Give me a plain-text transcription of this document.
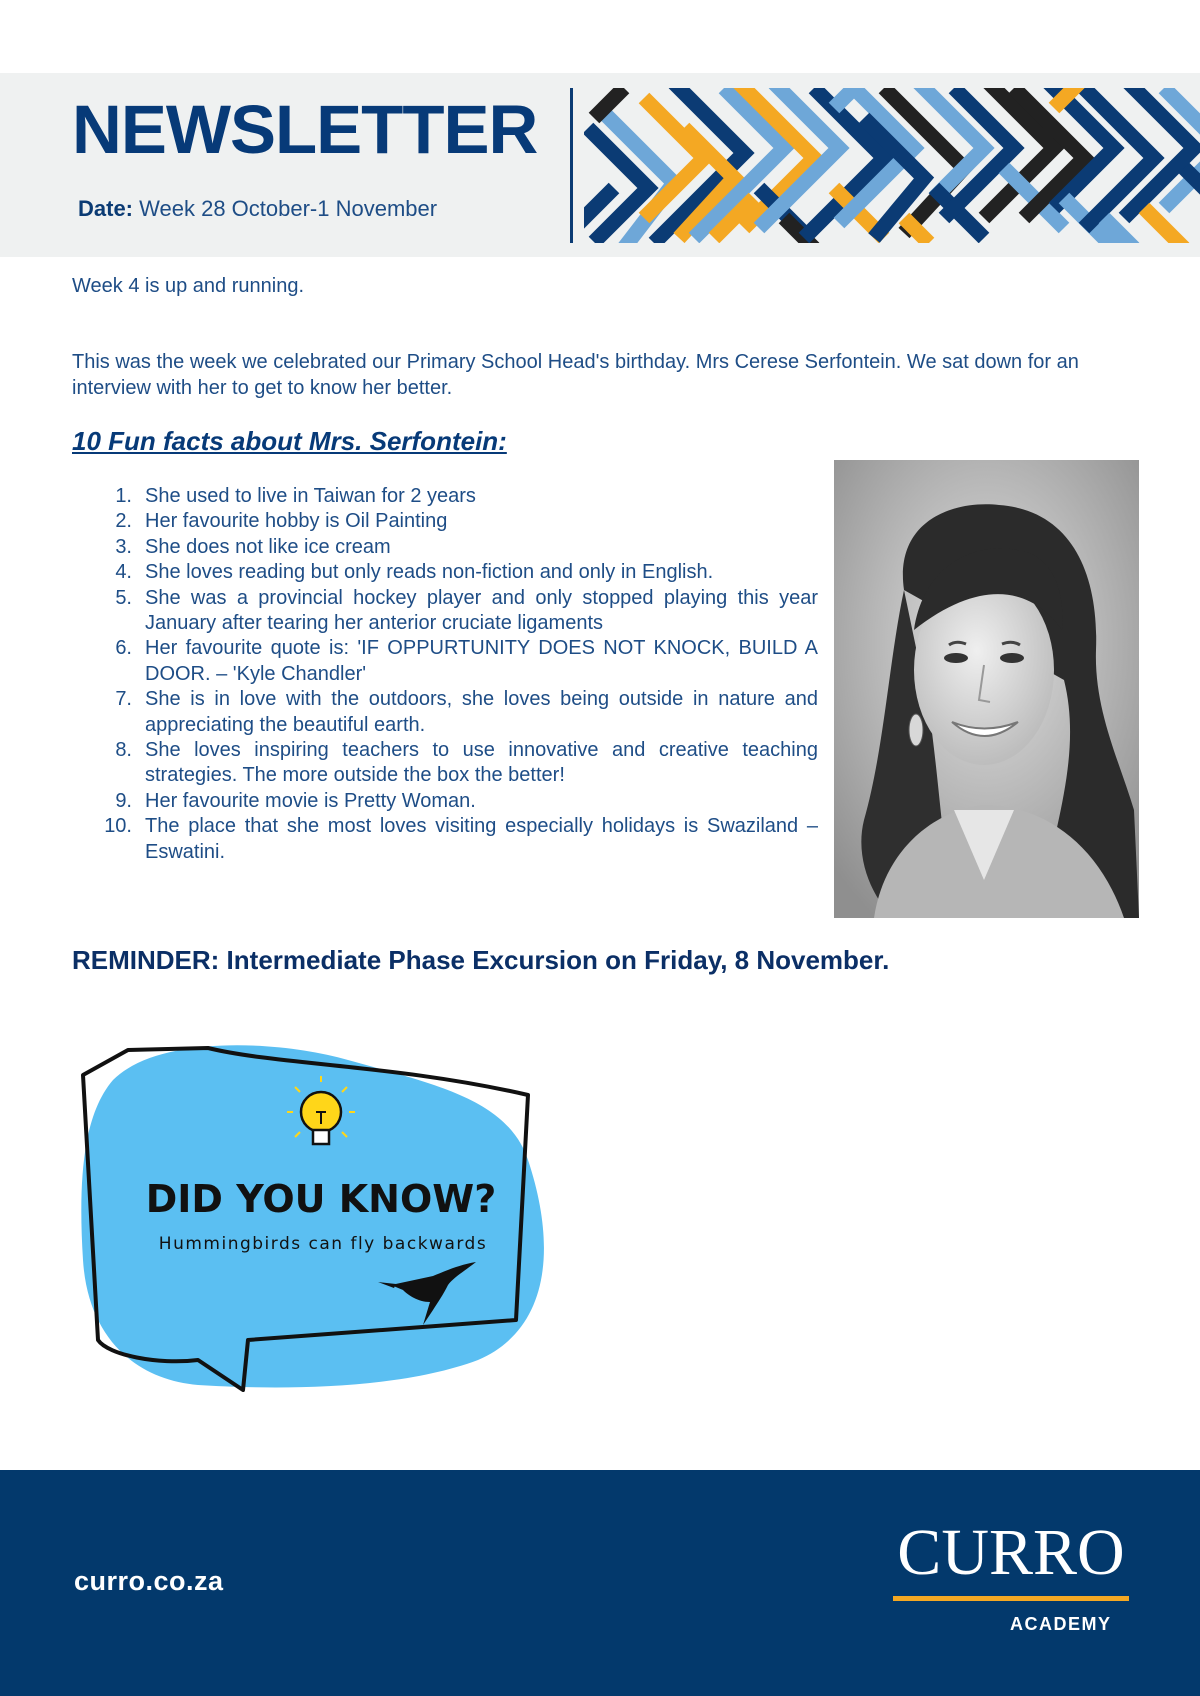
NEWSLETTER
Date: Week 28 October-1 November
Week 4 is up and running.
This was the week we celebrated our Primary School Head's birthday. Mrs Cerese Serfontein. We sat down for an interview with her to get to know her better.
10 Fun facts about Mrs. Serfontein:
1. She used to live in Taiwan for 2 years
2. Her favourite hobby is Oil Painting
3. She does not like ice cream
4. She loves reading but only reads non-fiction and only in English.
5. She was a provincial hockey player and only stopped playing this year January after tearing her anterior cruciate ligaments
6. Her favourite quote is: 'IF OPPURTUNITY DOES NOT KNOCK, BUILD A DOOR. – 'Kyle Chandler'
7. She is in love with the outdoors, she loves being outside in nature and appreciating the beautiful earth.
8. She loves inspiring teachers to use innovative and creative teaching strategies. The more outside the box the better!
9. Her favourite movie is Pretty Woman.
10. The place that she most loves visiting especially holidays is Swaziland – Eswatini.
REMINDER: Intermediate Phase Excursion on Friday, 8 November.
DID YOU KNOW?
Hummingbirds can fly backwards
curro.co.za	CURRO
ACADEMY
